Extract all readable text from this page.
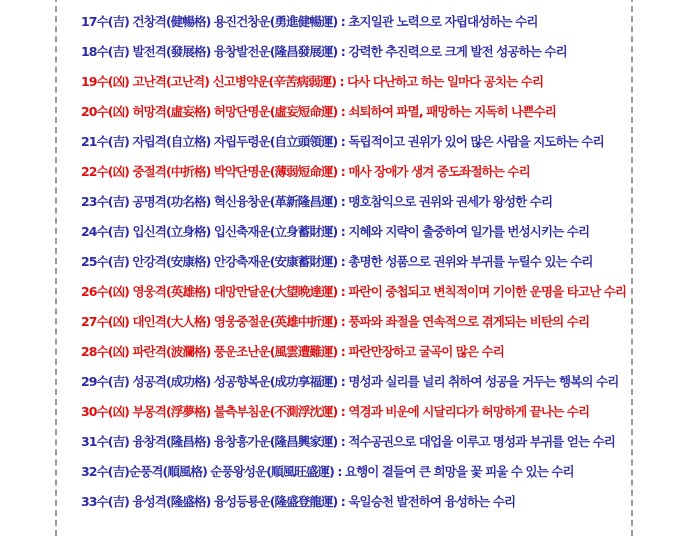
17수(吉) 건창격(健暢格) 용진건창운(勇進健暢運) : 초지일관 노력으로 자립대성하는 수리
18수(吉) 발전격(發展格) 융창발전운(隆昌發展運) : 강력한 추진력으로 크게 발전 성공하는 수리
19수(凶) 고난격(고난격) 신고병약운(辛苦病弱運) : 다사 다난하고 하는 일마다 공치는 수리
20수(凶) 허망격(虛妄格) 허망단명운(虛妄短命運) : 쇠퇴하여 파멸, 패망하는 지독히 나쁜수리
21수(吉) 자립격(自立格) 자립두령운(自立頭領運) : 독립적이고 권위가 있어 많은 사람을 지도하는 수리
22수(凶) 중절격(中折格) 박약단명운(薄弱短命運) : 매사 장애가 생겨 중도좌절하는 수리
23수(吉) 공명격(功名格) 혁신융창운(革新隆昌運) : 맹호참익으로 권위와 권세가 왕성한 수리
24수(吉) 입신격(立身格) 입신축재운(立身蓄財運) : 지혜와 지략이 출중하여 일가를 번성시키는 수리
25수(吉) 안강격(安康格) 안강축재운(安康蓄財運) : 총명한 성품으로 권위와 부귀를 누릴수 있는 수리
26수(凶) 영웅격(英雄格) 대망만달운(大望晩達運) : 파란이 중첩되고 변칙적이며 기이한 운명을 타고난 수리
27수(凶) 대인격(大人格) 영웅중절운(英雄中折運) : 풍파와 좌절을 연속적으로 겪게되는 비탄의 수리
28수(凶) 파란격(波瀾格) 풍운조난운(風雲遭難運) : 파란만장하고 굴곡이 많은 수리
29수(吉) 성공격(成功格) 성공향복운(成功享福運) : 명성과 실리를 널리 취하여 성공을 거두는 행복의 수리
30수(凶) 부몽격(浮夢格) 불측부침운(不測浮沈運) : 역경과 비운에 시달리다가 허망하게 끝나는 수리
31수(吉) 융창격(隆昌格) 융창흥가운(隆昌興家運) : 적수공권으로 대업을 이루고 명성과 부귀를 얻는 수리
32수(吉)순풍격(順風格) 순풍왕성운(順風旺盛運) : 요행이 곁들여 큰 희망을 꽃 피울 수 있는 수리
33수(吉) 융성격(隆盛格) 융성등룡운(隆盛登龍運) : 욱일승천 발전하여 융성하는 수리
